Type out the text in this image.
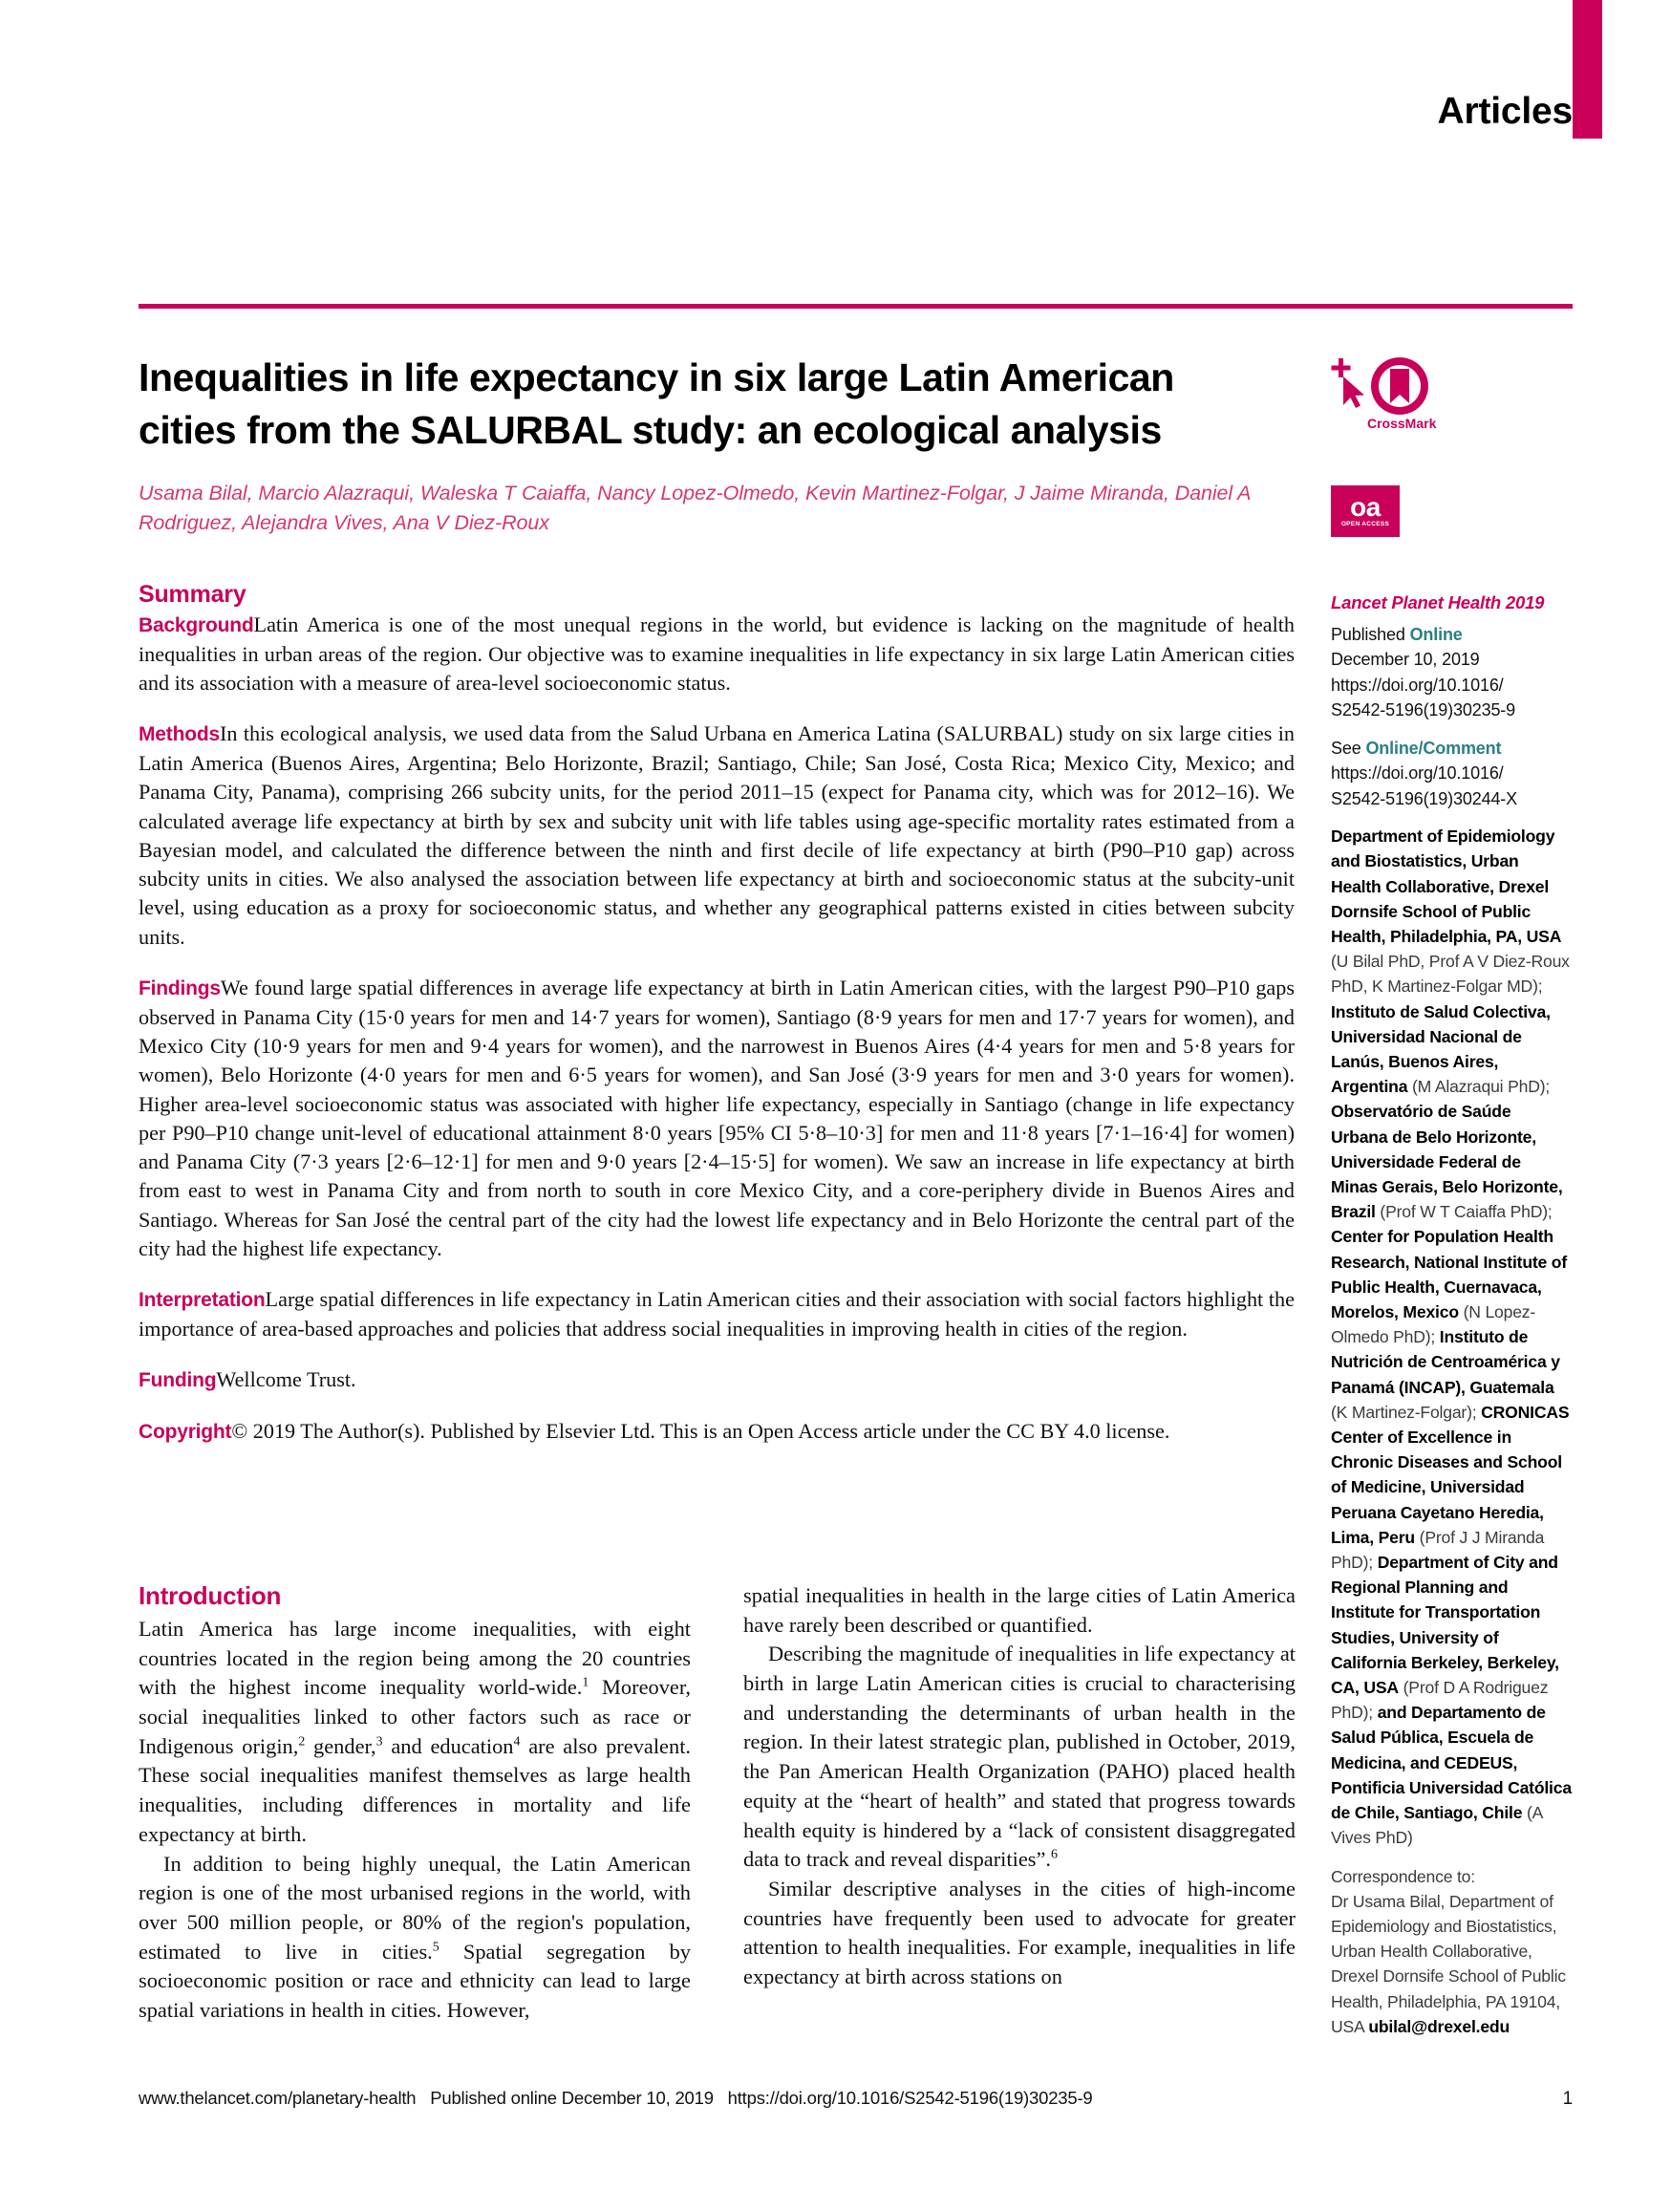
Articles
Inequalities in life expectancy in six large Latin American cities from the SALURBAL study: an ecological analysis
Usama Bilal, Marcio Alazraqui, Waleska T Caiaffa, Nancy Lopez-Olmedo, Kevin Martinez-Folgar, J Jaime Miranda, Daniel A Rodriguez, Alejandra Vives, Ana V Diez-Roux
CrossMark
oa
OPEN ACCESS
Summary

BackgroundLatin America is one of the most unequal regions in the world, but evidence is lacking on the magnitude of health inequalities in urban areas of the region. Our objective was to examine inequalities in life expectancy in six large Latin American cities and its association with a measure of area-level socioeconomic status.

MethodsIn this ecological analysis, we used data from the Salud Urbana en America Latina (SALURBAL) study on six large cities in Latin America (Buenos Aires, Argentina; Belo Horizonte, Brazil; Santiago, Chile; San José, Costa Rica; Mexico City, Mexico; and Panama City, Panama), comprising 266 subcity units, for the period 2011–15 (expect for Panama city, which was for 2012–16). We calculated average life expectancy at birth by sex and subcity unit with life tables using age-specific mortality rates estimated from a Bayesian model, and calculated the difference between the ninth and first decile of life expectancy at birth (P90–P10 gap) across subcity units in cities. We also analysed the association between life expectancy at birth and socioeconomic status at the subcity-unit level, using education as a proxy for socioeconomic status, and whether any geographical patterns existed in cities between subcity units.

FindingsWe found large spatial differences in average life expectancy at birth in Latin American cities, with the largest P90–P10 gaps observed in Panama City (15·0 years for men and 14·7 years for women), Santiago (8·9 years for men and 17·7 years for women), and Mexico City (10·9 years for men and 9·4 years for women), and the narrowest in Buenos Aires (4·4 years for men and 5·8 years for women), Belo Horizonte (4·0 years for men and 6·5 years for women), and San José (3·9 years for men and 3·0 years for women). Higher area-level socioeconomic status was associated with higher life expectancy, especially in Santiago (change in life expectancy per P90–P10 change unit-level of educational attainment 8·0 years [95% CI 5·8–10·3] for men and 11·8 years [7·1–16·4] for women) and Panama City (7·3 years [2·6–12·1] for men and 9·0 years [2·4–15·5] for women). We saw an increase in life expectancy at birth from east to west in Panama City and from north to south in core Mexico City, and a core-periphery divide in Buenos Aires and Santiago. Whereas for San José the central part of the city had the lowest life expectancy and in Belo Horizonte the central part of the city had the highest life expectancy.

InterpretationLarge spatial differences in life expectancy in Latin American cities and their association with social factors highlight the importance of area-based approaches and policies that address social inequalities in improving health in cities of the region.

FundingWellcome Trust.

Copyright© 2019 The Author(s). Published by Elsevier Ltd. This is an Open Access article under the CC BY 4.0 license.

Introduction

Latin America has large income inequalities, with eight countries located in the region being among the 20 countries with the highest income inequality world-wide.$^1$ Moreover, social inequalities linked to other factors such as race or Indigenous origin,$^2$ gender,$^3$ and education$^4$ are also prevalent. These social inequalities manifest themselves as large health inequalities, including differences in mortality and life expectancy at birth.

In addition to being highly unequal, the Latin American region is one of the most urbanised regions in the world, with over 500 million people, or 80% of the region's population, estimated to live in cities.$^5$ Spatial segregation by socioeconomic position or race and ethnicity can lead to large spatial variations in health in cities. However,

spatial inequalities in health in the large cities of Latin America have rarely been described or quantified.

Describing the magnitude of inequalities in life expectancy at birth in large Latin American cities is crucial to characterising and understanding the determinants of urban health in the region. In their latest strategic plan, published in October, 2019, the Pan American Health Organization (PAHO) placed health equity at the “heart of health” and stated that progress towards health equity is hindered by a “lack of consistent disaggregated data to track and reveal disparities”.$^6$

Similar descriptive analyses in the cities of high-income countries have frequently been used to advocate for greater attention to health inequalities. For example, inequalities in life expectancy at birth across stations on

Lancet Planet Health 2019
Published Online
December 10, 2019
https://doi.org/10.1016/
S2542-5196(19)30235-9
See Online/Comment
https://doi.org/10.1016/
S2542-5196(19)30244-X
Department of Epidemiology and Biostatistics, Urban Health Collaborative, Drexel Dornsife School of Public Health, Philadelphia, PA, USA (U Bilal PhD, Prof A V Diez-Roux PhD, K Martinez-Folgar MD); Instituto de Salud Colectiva, Universidad Nacional de Lanús, Buenos Aires, Argentina (M Alazraqui PhD); Observatório de Saúde Urbana de Belo Horizonte, Universidade Federal de Minas Gerais, Belo Horizonte, Brazil (Prof W T Caiaffa PhD); Center for Population Health Research, National Institute of Public Health, Cuernavaca, Morelos, Mexico (N Lopez-Olmedo PhD); Instituto de Nutrición de Centroamérica y Panamá (INCAP), Guatemala (K Martinez-Folgar); CRONICAS Center of Excellence in Chronic Diseases and School of Medicine, Universidad Peruana Cayetano Heredia, Lima, Peru (Prof J J Miranda PhD); Department of City and Regional Planning and Institute for Transportation Studies, University of California Berkeley, Berkeley, CA, USA (Prof D A Rodriguez PhD); and Departamento de Salud Pública, Escuela de Medicina, and CEDEUS, Pontificia Universidad Católica de Chile, Santiago, Chile (A Vives PhD)
Correspondence to:
Dr Usama Bilal, Department of Epidemiology and Biostatistics, Urban Health Collaborative, Drexel Dornsife School of Public Health, Philadelphia, PA 19104, USA ubilal@drexel.edu
www.thelancet.com/planetary-health Published online December 10, 2019 https://doi.org/10.1016/S2542-5196(19)30235-9	1
